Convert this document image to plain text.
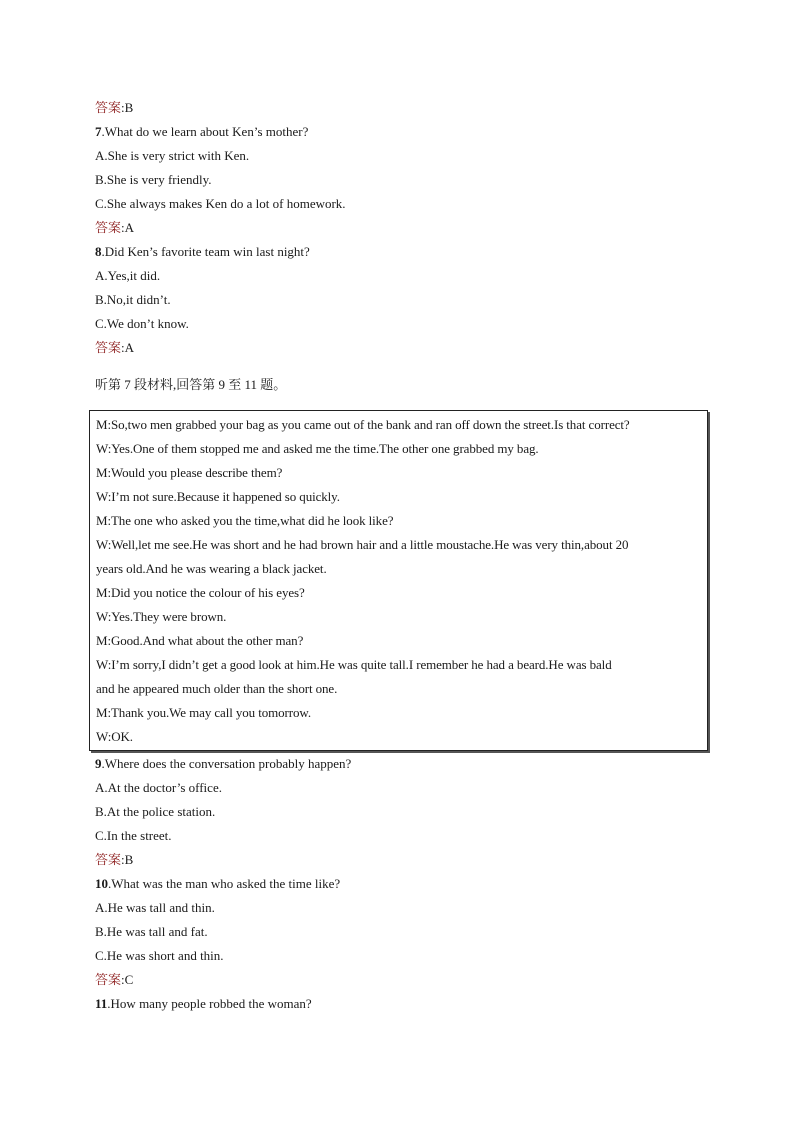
答案:B
7.What do we learn about Ken’s mother?
A.She is very strict with Ken.
B.She is very friendly.
C.She always makes Ken do a lot of homework.
答案:A
8.Did Ken’s favorite team win last night?
A.Yes,it did.
B.No,it didn’t.
C.We don’t know.
答案:A
听第 7 段材料,回答第 9 至 11 题。
M:So,two men grabbed your bag as you came out of the bank and ran off down the street.Is that correct?
W:Yes.One of them stopped me and asked me the time.The other one grabbed my bag.
M:Would you please describe them?
W:I’m not sure.Because it happened so quickly.
M:The one who asked you the time,what did he look like?
W:Well,let me see.He was short and he had brown hair and a little moustache.He was very thin,about 20
years old.And he was wearing a black jacket.
M:Did you notice the colour of his eyes?
W:Yes.They were brown.
M:Good.And what about the other man?
W:I’m sorry,I didn’t get a good look at him.He was quite tall.I remember he had a beard.He was bald
and he appeared much older than the short one.
M:Thank you.We may call you tomorrow.
W:OK.
9.Where does the conversation probably happen?
A.At the doctor’s office.
B.At the police station.
C.In the street.
答案:B
10.What was the man who asked the time like?
A.He was tall and thin.
B.He was tall and fat.
C.He was short and thin.
答案:C
11.How many people robbed the woman?
